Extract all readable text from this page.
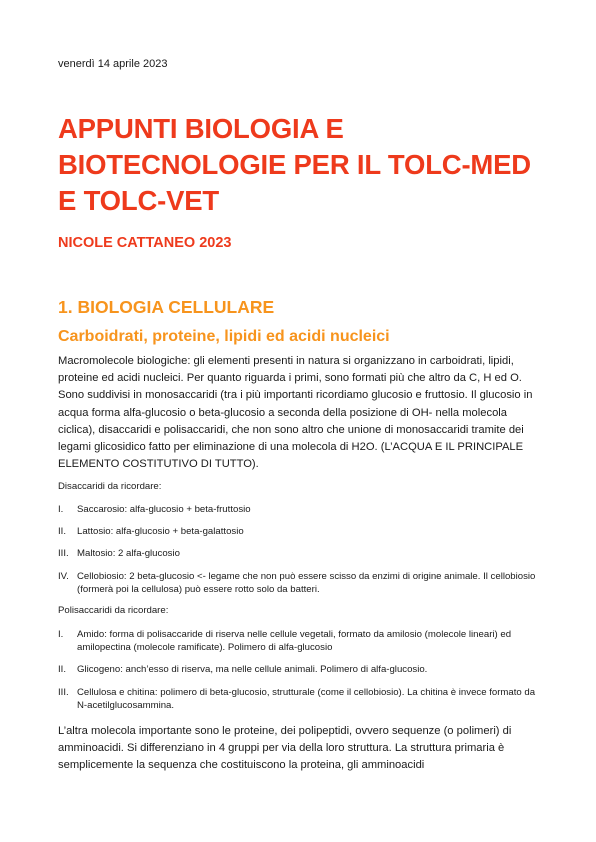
venerdì 14 aprile 2023
APPUNTI BIOLOGIA E BIOTECNOLOGIE PER IL TOLC-MED E TOLC-VET
NICOLE CATTANEO 2023
1. BIOLOGIA CELLULARE
Carboidrati, proteine, lipidi ed acidi nucleici

Macromolecole biologiche: gli elementi presenti in natura si organizzano in carboidrati, lipidi, proteine ed acidi nucleici. Per quanto riguarda i primi, sono formati più che altro da C, H ed O. Sono suddivisi in monosaccaridi (tra i più importanti ricordiamo glucosio e fruttosio. Il glucosio in acqua forma alfa-glucosio o beta-glucosio a seconda della posizione di OH- nella molecola ciclica), disaccaridi e polisaccaridi, che non sono altro che unione di monosaccaridi tramite dei legami glicosidico fatto per eliminazione di una molecola di H2O. (L’ACQUA E IL PRINCIPALE ELEMENTO COSTITUTIVO DI TUTTO).

Disaccaridi da ricordare:

I. Saccarosio: alfa-glucosio + beta-fruttosio
II. Lattosio: alfa-glucosio + beta-galattosio
III. Maltosio: 2 alfa-glucosio
IV. Cellobiosio: 2 beta-glucosio <- legame che non può essere scisso da enzimi di origine animale. Il cellobiosio (formerà poi la cellulosa) può essere rotto solo da batteri.

Polisaccaridi da ricordare:

I. Amido: forma di polisaccaride di riserva nelle cellule vegetali, formato da amilosio (molecole lineari) ed amilopectina (molecole ramificate). Polimero di alfa-glucosio
II. Glicogeno: anch’esso di riserva, ma nelle cellule animali. Polimero di alfa-glucosio.
III. Cellulosa e chitina: polimero di beta-glucosio, strutturale (come il cellobiosio). La chitina è invece formato da N-acetilglucosammina.

L’altra molecola importante sono le proteine, dei polipeptidi, ovvero sequenze (o polimeri) di amminoacidi. Si differenziano in 4 gruppi per via della loro struttura. La struttura primaria è semplicemente la sequenza che costituiscono la proteina, gli amminoacidi
